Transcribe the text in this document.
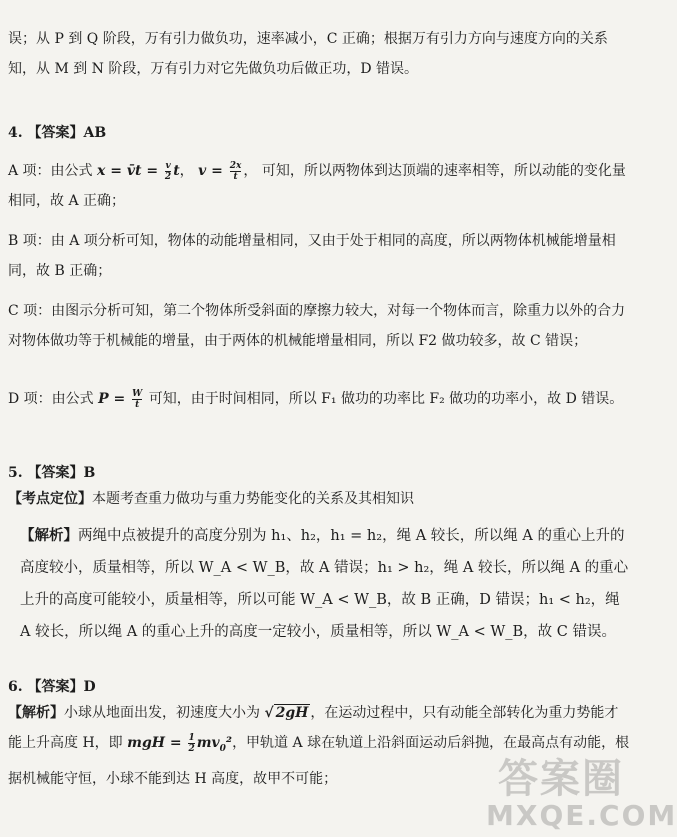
误；从 P 到 Q 阶段，万有引力做负功，速率减小，C 正确；根据万有引力方向与速度方向的关系知，从 M 到 N 阶段，万有引力对它先做负功后做正功，D 错误。

4. 【答案】AB

A 项：由公式 x = v̄t = $\frac{v}{2}$ t， $v = \frac{2x}{t}$ ， 可知，所以两物体到达顶端的速率相等，所以动能的变化量相同，故 A 正确；

B 项：由 A 项分析可知，物体的动能增量相同，又由于处于相同的高度，所以两物体机械能增量相同，故 B 正确；

C 项：由图示分析可知，第二个物体所受斜面的摩擦力较大，对每一个物体而言，除重力以外的合力对物体做功等于机械能的增量，由于两体的机械能增量相同，所以 F2 做功较多，故 C 错误；

D 项：由公式 $P = \frac{W}{t}$ 可知，由于时间相同，所以 F₁ 做功的功率比 F₂ 做功的功率小，故 D 错误。

5. 【答案】B

【考点定位】本题考查重力做功与重力势能变化的关系及其相知识

【解析】两绳中点被提升的高度分别为 h₁、h₂，h₁ = h₂，绳 A 较长，所以绳 A 的重心上升的高度较小，质量相等，所以 W_A < W_B，故 A 错误；h₁ > h₂，绳 A 较长，所以绳 A 的重心上升的高度可能较小，质量相等，所以可能 W_A < W_B，故 B 正确，D 错误；h₁ < h₂，绳 A 较长，所以绳 A 的重心上升的高度一定较小，质量相等，所以 W_A < W_B，故 C 错误。

6. 【答案】D

【解析】小球从地面出发，初速度大小为 √ 2gH ，在运动过程中，只有动能全部转化为重力势能才能上升高度 H，即 mgH = $\frac{1}{2} mv_0^2$，甲轨道 A 球在轨道上沿斜面运动后斜抛，在最高点有动能，根据机械能守恒，小球不能到达 H 高度，故甲不可能；	答案圈
MXQE.COM
